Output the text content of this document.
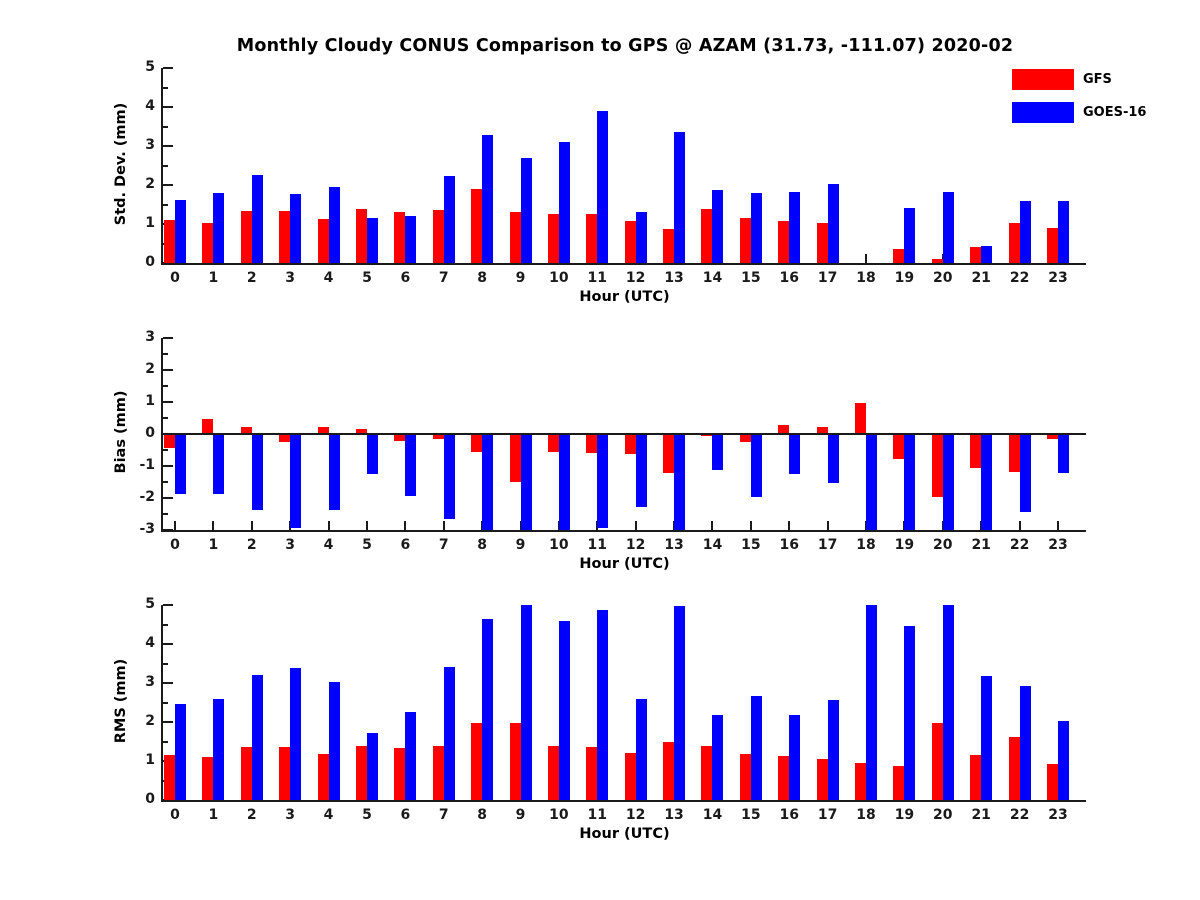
Monthly Cloudy CONUS Comparison to GPS @ AZAM (31.73, -111.07) 2020-02
GFS
GOES-16
Std. Dev. (mm)
Hour (UTC)
0
1
2
3
4
5
0	1	2	3	4	5	6	7	8	9	10	11	12	13	14	15	16	17	18	19	20	21	22	23
Bias (mm)
Hour (UTC)
-3
-2
-1
0
1
2
3
0	1	2	3	4	5	6	7	8	9	10	11	12	13	14	15	16	17	18	19	20	21	22	23
RMS (mm)
Hour (UTC)
0
1
2
3
4
5
0	1	2	3	4	5	6	7	8	9	10	11	12	13	14	15	16	17	18	19	20	21	22	23
